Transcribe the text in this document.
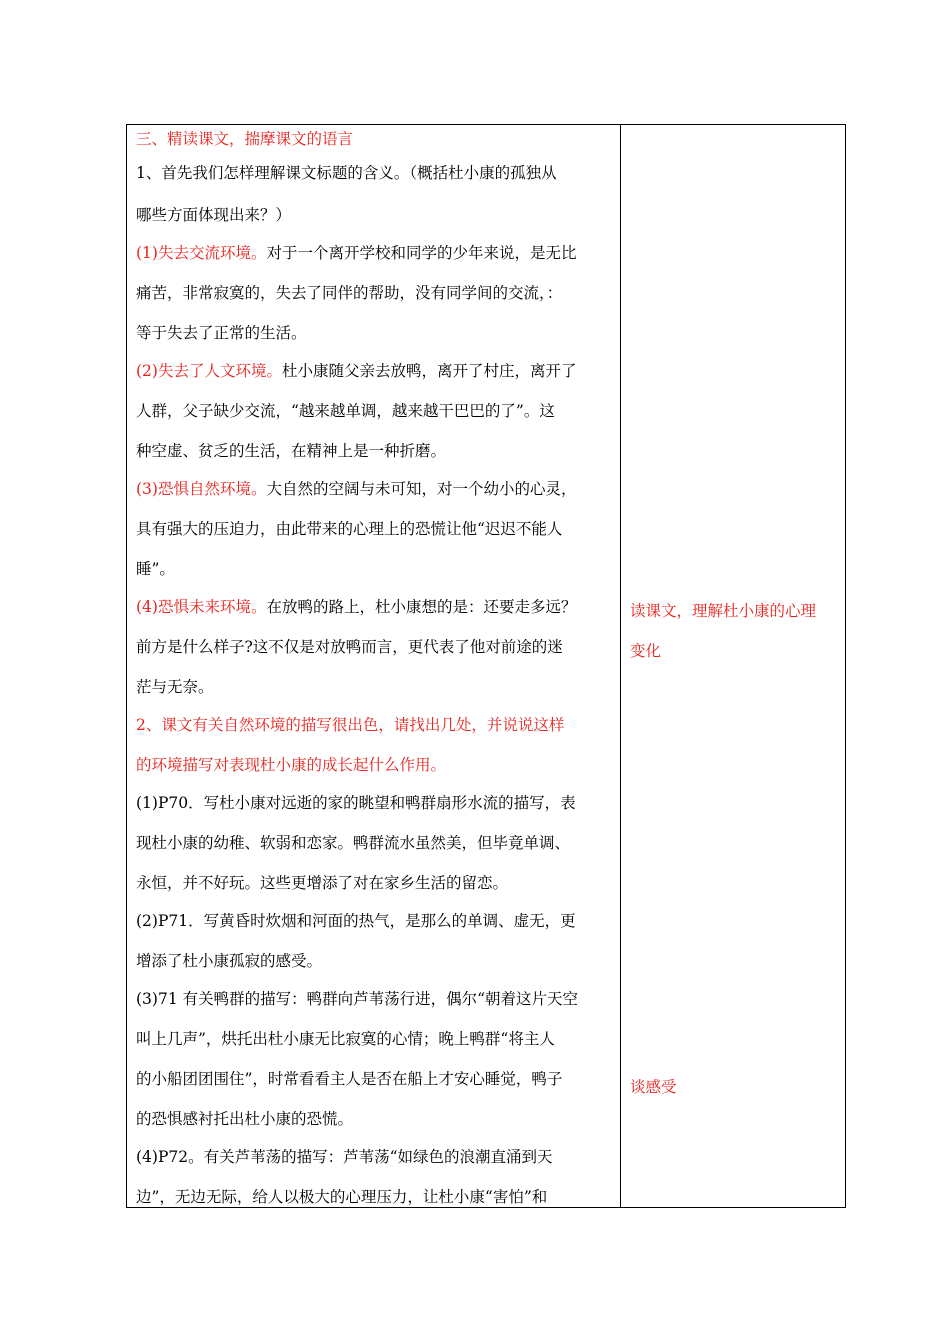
三、精读课文，揣摩课文的语言
1、首先我们怎样理解课文标题的含义。（概括杜小康的孤独从
哪些方面体现出来？）
(1)失去交流环境。对于一个离开学校和同学的少年来说，是无比
痛苦，非常寂寞的，失去了同伴的帮助，没有同学间的交流，：
等于失去了正常的生活。
(2)失去了人文环境。杜小康随父亲去放鸭，离开了村庄，离开了
人群，父子缺少交流，“越来越单调，越来越干巴巴的了”。这
种空虚、贫乏的生活，在精神上是一种折磨。
(3)恐惧自然环境。大自然的空阔与未可知，对一个幼小的心灵，
具有强大的压迫力，由此带来的心理上的恐慌让他“迟迟不能人
睡”。
(4)恐惧未来环境。在放鸭的路上，杜小康想的是：还要走多远？
前方是什么样子?这不仅是对放鸭而言，更代表了他对前途的迷
茫与无奈。
2、课文有关自然环境的描写很出色，请找出几处，并说说这样
的环境描写对表现杜小康的成长起什么作用。
(1)P70．写杜小康对远逝的家的眺望和鸭群扇形水流的描写，表
现杜小康的幼稚、软弱和恋家。鸭群流水虽然美，但毕竟单调、
永恒，并不好玩。这些更增添了对在家乡生活的留恋。
(2)P71．写黄昏时炊烟和河面的热气，是那么的单调、虚无，更
增添了杜小康孤寂的感受。
(3)71 有关鸭群的描写：鸭群向芦苇荡行进，偶尔“朝着这片天空
叫上几声”，烘托出杜小康无比寂寞的心情；晚上鸭群“将主人
的小船团团围住”，时常看看主人是否在船上才安心睡觉，鸭子
的恐惧感衬托出杜小康的恐慌。
(4)P72。有关芦苇荡的描写：芦苇荡“如绿色的浪潮直涌到天
边”，无边无际，给人以极大的心理压力，让杜小康“害怕”和
读课文，理解杜小康的心理
变化
谈感受
